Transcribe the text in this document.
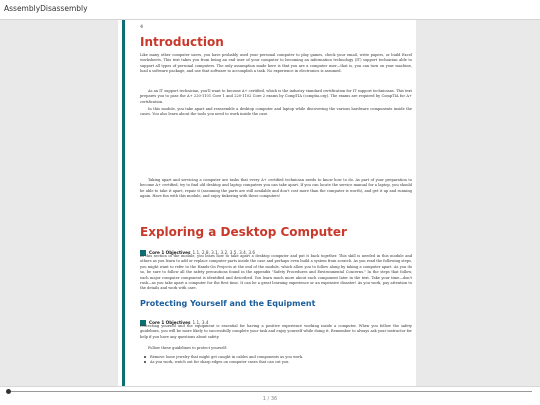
AssemblyDisassembly
4
Introduction

Like many other computer users, you have probably used your personal computer to play games, check your email, write papers, or build Excel worksheets. This text takes you from being an end user of your computer to becoming an information technology (IT) support technician able to support all types of personal computers. The only assumption made here is that you are a computer user—that is, you can turn on your machine, load a software package, and use that software to accomplish a task. No experience in electronics is assumed.

As an IT support technician, you'll want to become A+ certified, which is the industry standard certification for IT support technicians. This text prepares you to pass the A+ 220-1101 Core 1 and 220-1102 Core 2 exams by CompTIA (comptia.org). The exams are required by CompTIA for A+ certification.

In this module, you take apart and reassemble a desktop computer and laptop while discovering the various hardware components inside the cases. You also learn about the tools you need to work inside the case.

Taking apart and servicing a computer are tasks that every A+ certified technician needs to know how to do. As part of your preparation to become A+ certified, try to find old desktop and laptop computers you can take apart. If you can locate the service manual for a laptop, you should be able to take it apart, repair it (assuming the parts are still available and don't cost more than the computer is worth), and get it up and running again. Have fun with this module, and enjoy tinkering with these computers!

Exploring a Desktop Computer
Core 1 Objectives 1.1, 2.8, 3.1, 3.2, 3.5, 3.4, 3.6

In this section of the module, you learn how to take apart a desktop computer and put it back together. This skill is needed in this module and others as you learn to add or replace computer parts inside the case and perhaps even build a system from scratch. As you read the following steps, you might want to refer to the Hands-On Projects at the end of the module, which allow you to follow along by taking a computer apart. As you do so, be sure to follow all the safety precautions found in the appendix "Safety Procedures and Environmental Concerns." In the steps that follow, each major computer component is identified and described. You learn much more about each component later in the text. Take your time—don't rush—as you take apart a computer for the first time. It can be a great learning experience or an expensive disaster! As you work, pay attention to the details and work with care.

Protecting Yourself and the Equipment
Core 1 Objectives 1.1, 3.4

Protecting yourself and the equipment is essential for having a positive experience working inside a computer. When you follow the safety guidelines, you will be more likely to successfully complete your task and enjoy yourself while doing it. Remember to always ask your instructor for help if you have any questions about safety.

Follow these guidelines to protect yourself:

Remove loose jewelry that might get caught in cables and components as you work.
As you work, watch out for sharp edges on computer cases that can cut you.
1 / 36
